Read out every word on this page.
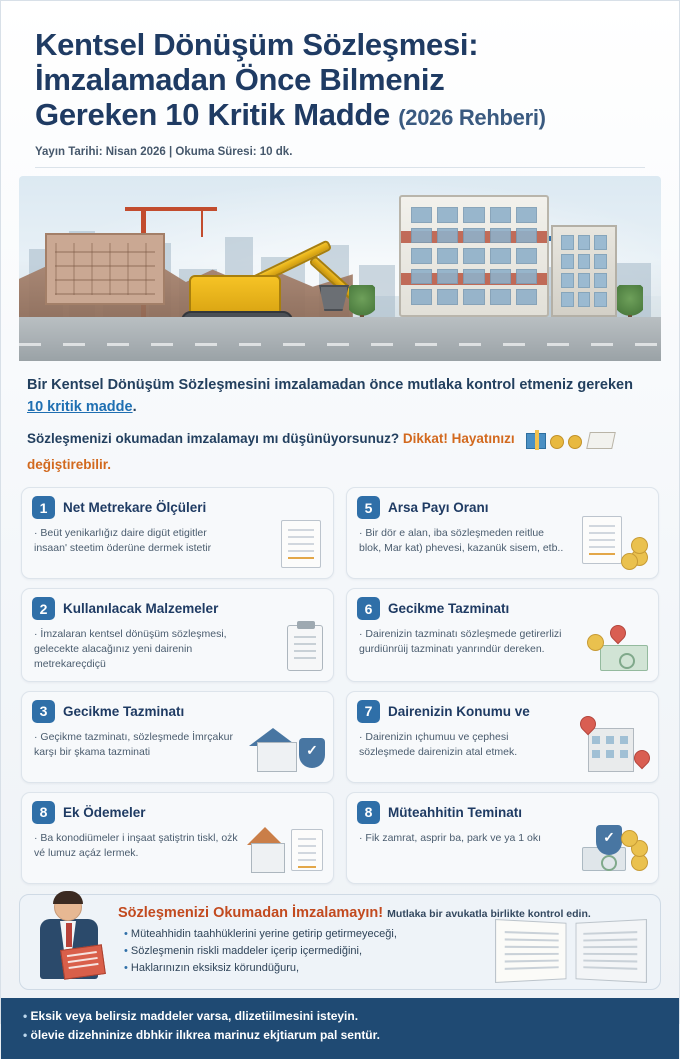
Kentsel Dönüşüm Sözleşmesi:
İmzalamadan Önce Bilmeniz
Gereken 10 Kritik Madde (2026 Rehberi)
Yayın Tarihi: Nisan 2026 | Okuma Süresi: 10 dk.
Bir Kentsel Dönüşüm Sözleşmesini imzalamadan önce mutlaka kontrol etmeniz gereken 10 kritik madde.
Sözleşmenizi okumadan imzalamayı mı düşünüyorsunuz? Dikkat! Hayatınızı
değiştirebilir.
1	Net Metrekare Ölçüleri
· Beüt yenikarlığız daire digüt etigitler insaan' steetim öderüne dermek istetir
5	Arsa Payı Oranı
· Bir dör e alan, iba sözleşmeden reitlue blok, Mar kat) phevesi, kazanük sisem, etb..
2	Kullanılacak Malzemeler
· İmzalaran kentsel dönüşüm sözleşmesi, gelecekte alacağınız yeni dairenin metrekareçdiçü
6	Gecikme Tazminatı
· Dairenizin tazminatı sözleşmede getirerlizi gurdiünrüij tazminatı yanrındür dereken.
3	Gecikme Tazminatı
· Geçikme tazminatı, sözleşmede İmrçakur karşı bir şkama tazminati
✓
7	Dairenizin Konumu ve
· Dairenizin ıçhumuu ve çephesi sözleşmede dairenizin atal etmek.
8	Ek Ödemeler
· Ba konodiümeler i inşaat şatiştrin tiskl, ożk vé lumuz açáz lermek.
8	Müteahhitin Teminatı
· Fik zamrat, asprir ba, park ve ya 1 okı
✓
Sözleşmenizi Okumadan İmzalamayın! Mutlaka bir avukatla birlikte kontrol edin.
• Müteahhidin taahhüklerini yerine getirip getirmeyeceği,
• Sözleşmenin riskli maddeler içerip içermediğini,
• Haklarınızın eksiksiz körundüğuru,
• Eksik veya belirsiz maddeler varsa, dlizetiilmesini isteyin.
• ölevie dizehninize dbhkir ilıkrea marinuz ekjtiarum pal sentür.
